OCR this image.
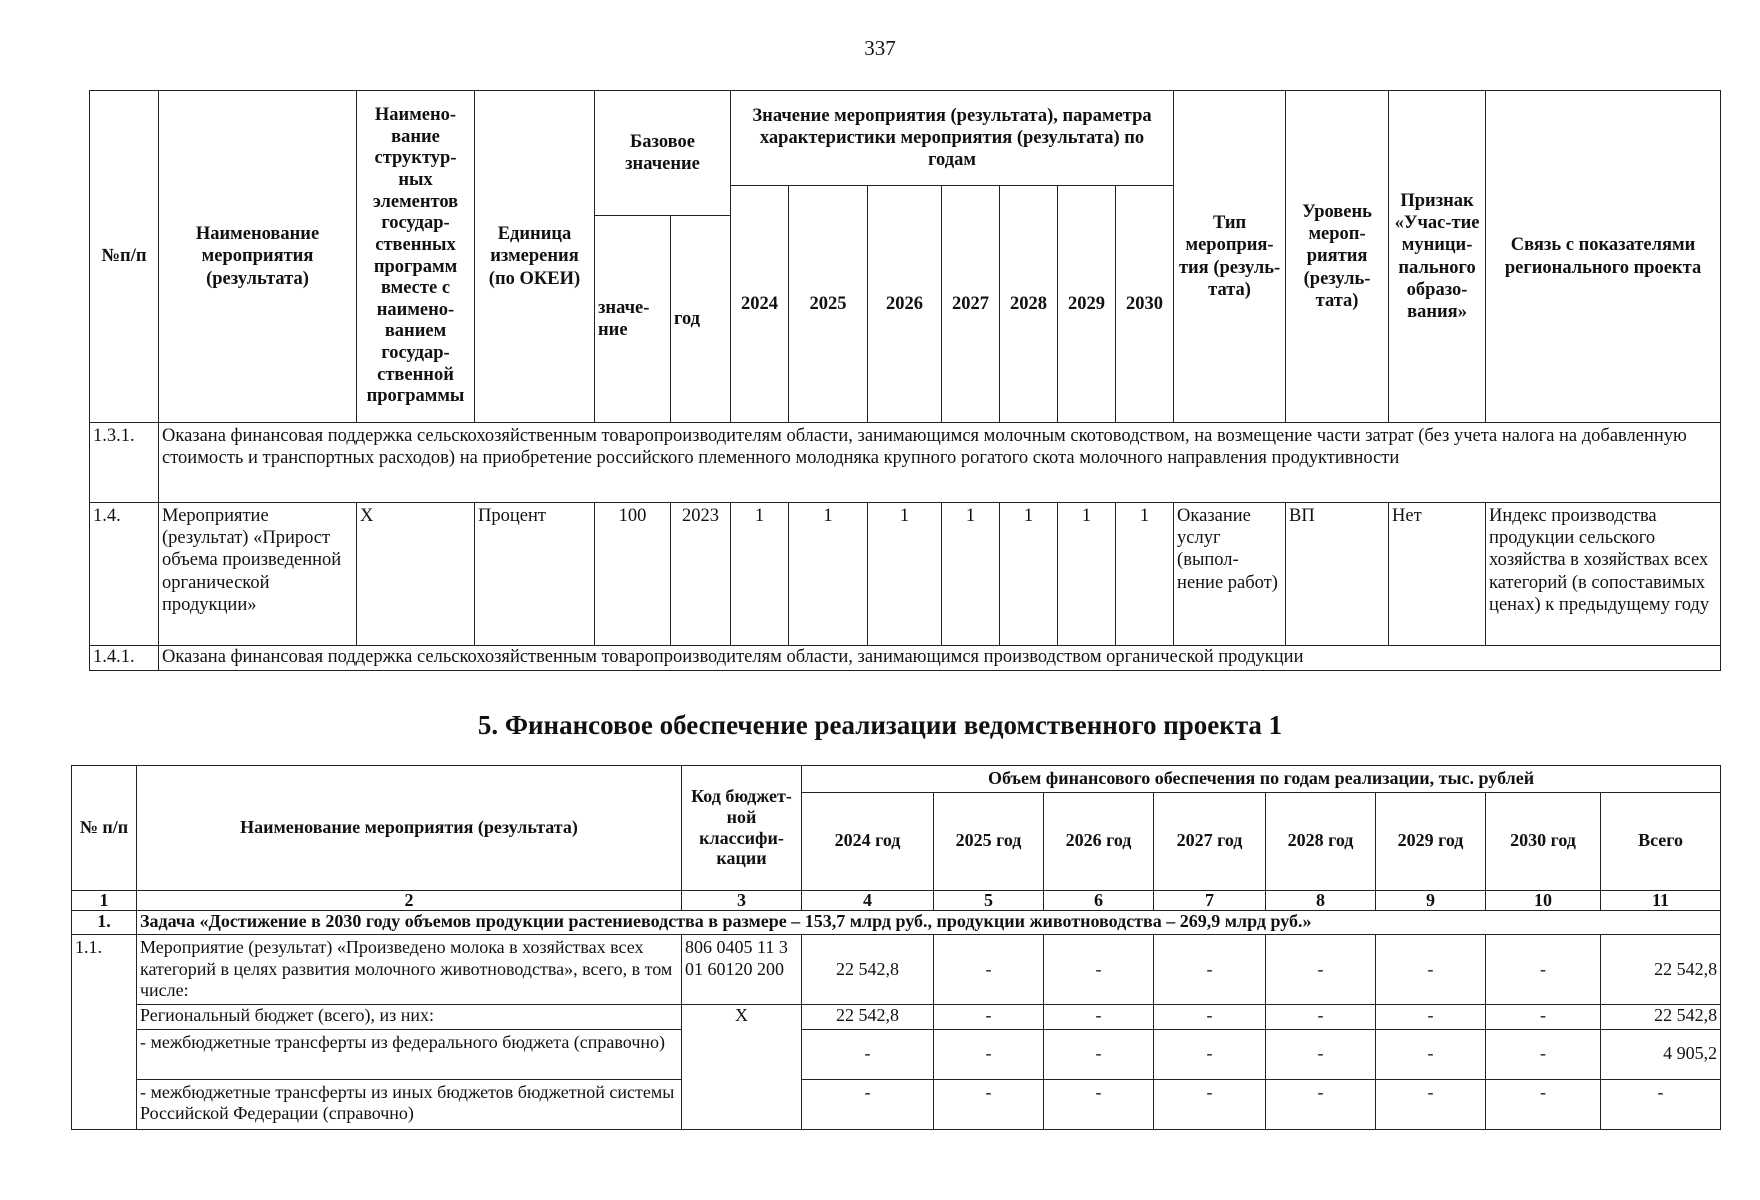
337
№п/п	Наименование мероприятия (результата)	Наимено-вание структур-ных элементов государ-ственных программ вместе с наимено-ванием государ-ственной программы	Единица измерения (по ОКЕИ)	Базовое значение		Значение мероприятия (результата), параметра характеристики мероприятия (результата) по годам							Тип мероприя-тия (резуль-тата)	Уровень мероп-риятия (резуль-тата)	Признак «Учас-тие муници-пального образо-вания»	Связь с показателями регионального проекта
						2024	2025	2026	2027	2028	2029	2030				
				значе-ние	год											
1.3.1.	Оказана финансовая поддержка сельскохозяйственным товаропроизводителям области, занимающимся молочным скотоводством, на возмещение части затрат (без учета налога на добавленную стоимость и транспортных расходов) на приобретение российского племенного молодняка крупного рогатого скота молочного направления продуктивности															
1.4.	Мероприятие (результат) «Прирост объема произведенной органической продукции»	Х	Процент	100	2023	1	1	1	1	1	1	1	Оказание услуг (выпол-нение работ)	ВП	Нет	Индекс производства продукции сельского хозяйства в хозяйствах всех категорий (в сопоставимых ценах) к предыдущему году
1.4.1.	Оказана финансовая поддержка сельскохозяйственным товаропроизводителям области, занимающимся производством органической продукции															
5. Финансовое обеспечение реализации ведомственного проекта 1
№ п/п	Наименование мероприятия (результата)	Код бюджет-ной классифи-кации	Объем финансового обеспечения по годам реализации, тыс. рублей							
			2024 год	2025 год	2026 год	2027 год	2028 год	2029 год	2030 год	Всего
1	2	3	4	5	6	7	8	9	10	11
1.	Задача «Достижение в 2030 году объемов продукции растениеводства в размере – 153,7 млрд руб., продукции животноводства – 269,9 млрд руб.»									
1.1.	Мероприятие (результат) «Произведено молока в хозяйствах всех категорий в целях развития молочного животноводства», всего, в том числе:	806 0405 11 3 01 60120 200	22 542,8	-	-	-	-	-	-	22 542,8
	Региональный бюджет (всего), из них:	Х	22 542,8	-	-	-	-	-	-	22 542,8
	- межбюджетные трансферты из федерального бюджета (справочно)		-	-	-	-	-	-	-	4 905,2
	- межбюджетные трансферты из иных бюджетов бюджетной системы Российской Федерации (справочно)		-	-	-	-	-	-	-	-
